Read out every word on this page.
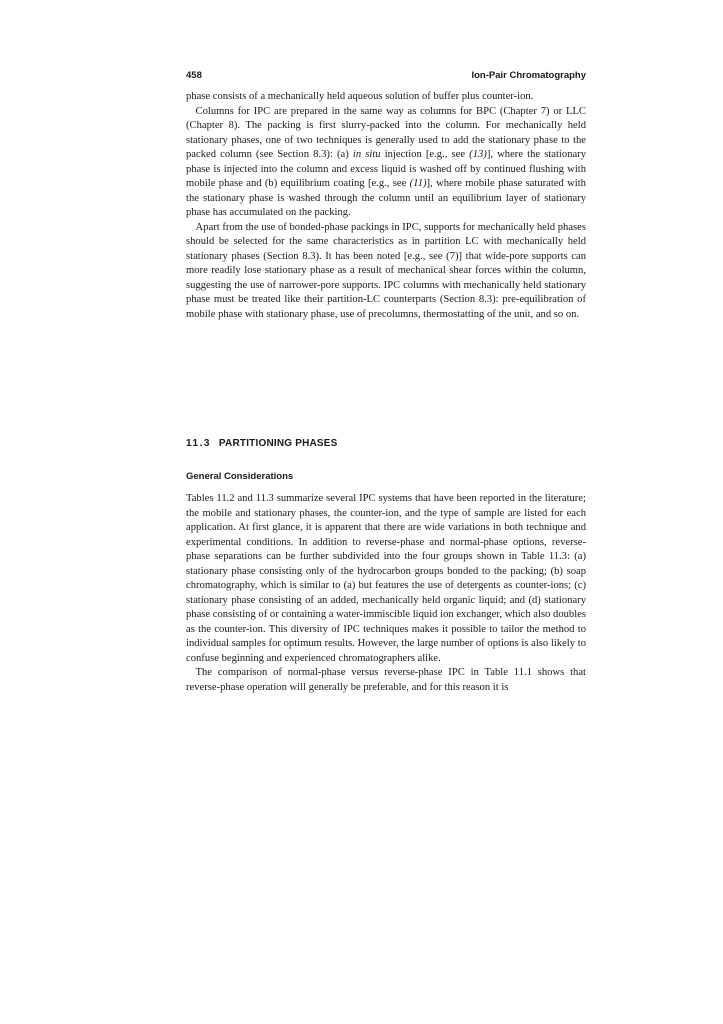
458	Ion-Pair Chromatography

phase consists of a mechanically held aqueous solution of buffer plus counter-ion.

Columns for IPC are prepared in the same way as columns for BPC (Chapter 7) or LLC (Chapter 8). The packing is first slurry-packed into the column. For mechanically held stationary phases, one of two techniques is generally used to add the stationary phase to the packed column (see Section 8.3): (a) in situ injection [e.g., see (13)], where the stationary phase is injected into the column and excess liquid is washed off by continued flushing with mobile phase and (b) equilibrium coating [e.g., see (11)], where mobile phase saturated with the stationary phase is washed through the column until an equilibrium layer of stationary phase has accumulated on the packing.

Apart from the use of bonded-phase packings in IPC, supports for mechanically held phases should be selected for the same characteristics as in partition LC with mechanically held stationary phases (Section 8.3). It has been noted [e.g., see (7)] that wide-pore supports can more readily lose stationary phase as a result of mechanical shear forces within the column, suggesting the use of narrower-pore supports. IPC columns with mechanically held stationary phase must be treated like their partition-LC counterparts (Section 8.3): pre-equilibration of mobile phase with stationary phase, use of precolumns, thermostatting of the unit, and so on.

11.3 PARTITIONING PHASES
General Considerations

Tables 11.2 and 11.3 summarize several IPC systems that have been reported in the literature; the mobile and stationary phases, the counter-ion, and the type of sample are listed for each application. At first glance, it is apparent that there are wide variations in both technique and experimental conditions. In addition to reverse-phase and normal-phase options, reverse-phase separations can be further subdivided into the four groups shown in Table 11.3: (a) stationary phase consisting only of the hydrocarbon groups bonded to the packing; (b) soap chromatography, which is similar to (a) but features the use of detergents as counter-ions; (c) stationary phase consisting of an added, mechanically held organic liquid; and (d) stationary phase consisting of or containing a water-immiscible liquid ion exchanger, which also doubles as the counter-ion. This diversity of IPC techniques makes it possible to tailor the method to individual samples for optimum results. However, the large number of options is also likely to confuse beginning and experienced chromatographers alike.

The comparison of normal-phase versus reverse-phase IPC in Table 11.1 shows that reverse-phase operation will generally be preferable, and for this reason it is
